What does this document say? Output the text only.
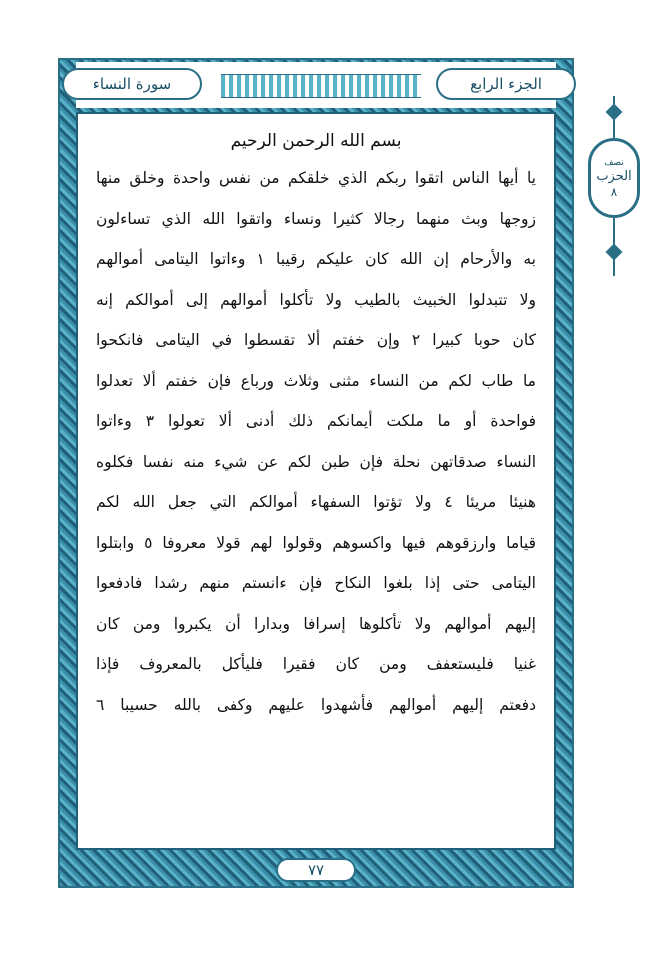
سورة النساء	الجزء الرابع
نصف
الحزب
٨
بسم الله الرحمن الرحيم
يا أيها الناس اتقوا ربكم الذي خلقكم من نفس واحدة وخلق منها
زوجها وبث منهما رجالا كثيرا ونساء واتقوا الله الذي تساءلون
به والأرحام إن الله كان عليكم رقيبا ١ وءاتوا اليتامى أموالهم
ولا تتبدلوا الخبيث بالطيب ولا تأكلوا أموالهم إلى أموالكم إنه
كان حوبا كبيرا ٢ وإن خفتم ألا تقسطوا في اليتامى فانكحوا
ما طاب لكم من النساء مثنى وثلاث ورباع فإن خفتم ألا تعدلوا
فواحدة أو ما ملكت أيمانكم ذلك أدنى ألا تعولوا ٣ وءاتوا
النساء صدقاتهن نحلة فإن طبن لكم عن شيء منه نفسا فكلوه
هنيئا مريئا ٤ ولا تؤتوا السفهاء أموالكم التي جعل الله لكم
قياما وارزقوهم فيها واكسوهم وقولوا لهم قولا معروفا ٥ وابتلوا
اليتامى حتى إذا بلغوا النكاح فإن ءانستم منهم رشدا فادفعوا
إليهم أموالهم ولا تأكلوها إسرافا وبدارا أن يكبروا ومن كان
غنيا فليستعفف ومن كان فقيرا فليأكل بالمعروف فإذا
دفعتم إليهم أموالهم فأشهدوا عليهم وكفى بالله حسيبا ٦
٧٧
